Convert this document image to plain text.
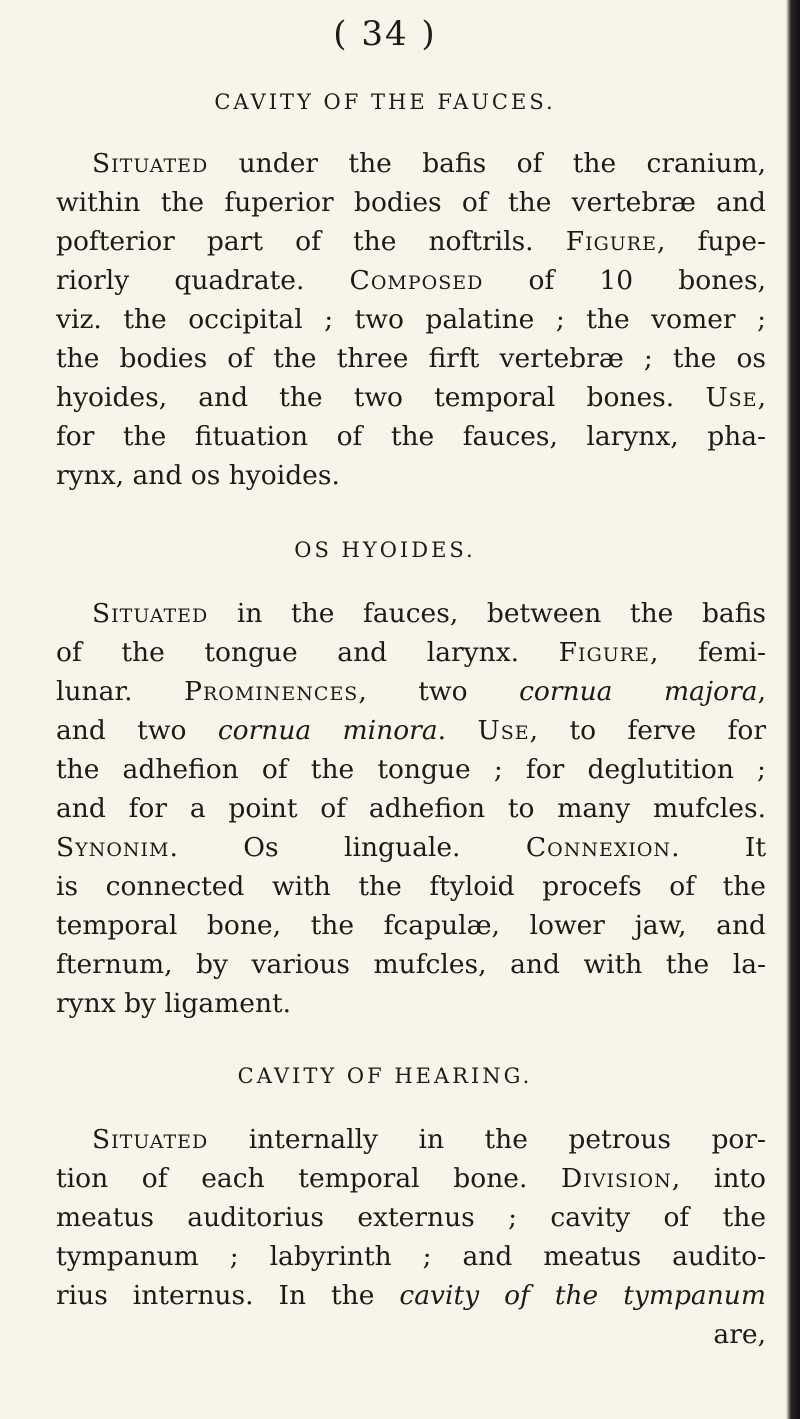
( 34 )
CAVITY OF THE FAUCES.
Situated under the bafis of the cranium,
within the fuperior bodies of the vertebræ and
pofterior part of the noftrils. Figure, fupe-
riorly quadrate. Composed of 10 bones,
viz. the occipital ; two palatine ; the vomer ;
the bodies of the three firft vertebræ ; the os
hyoides, and the two temporal bones. Use,
for the fituation of the fauces, larynx, pha-
rynx, and os hyoides.
OS HYOIDES.
Situated in the fauces, between the bafis
of the tongue and larynx. Figure, femi-
lunar. Prominences, two cornua majora,
and two cornua minora. Use, to ferve for
the adhefion of the tongue ; for deglutition ;
and for a point of adhefion to many mufcles.
Synonim. Os linguale. Connexion. It
is connected with the ftyloid procefs of the
temporal bone, the fcapulæ, lower jaw, and
fternum, by various mufcles, and with the la-
rynx by ligament.
CAVITY OF HEARING.
Situated internally in the petrous por-
tion of each temporal bone. Division, into
meatus auditorius externus ; cavity of the
tympanum ; labyrinth ; and meatus audito-
rius internus. In the cavity of the tympanum
are,
